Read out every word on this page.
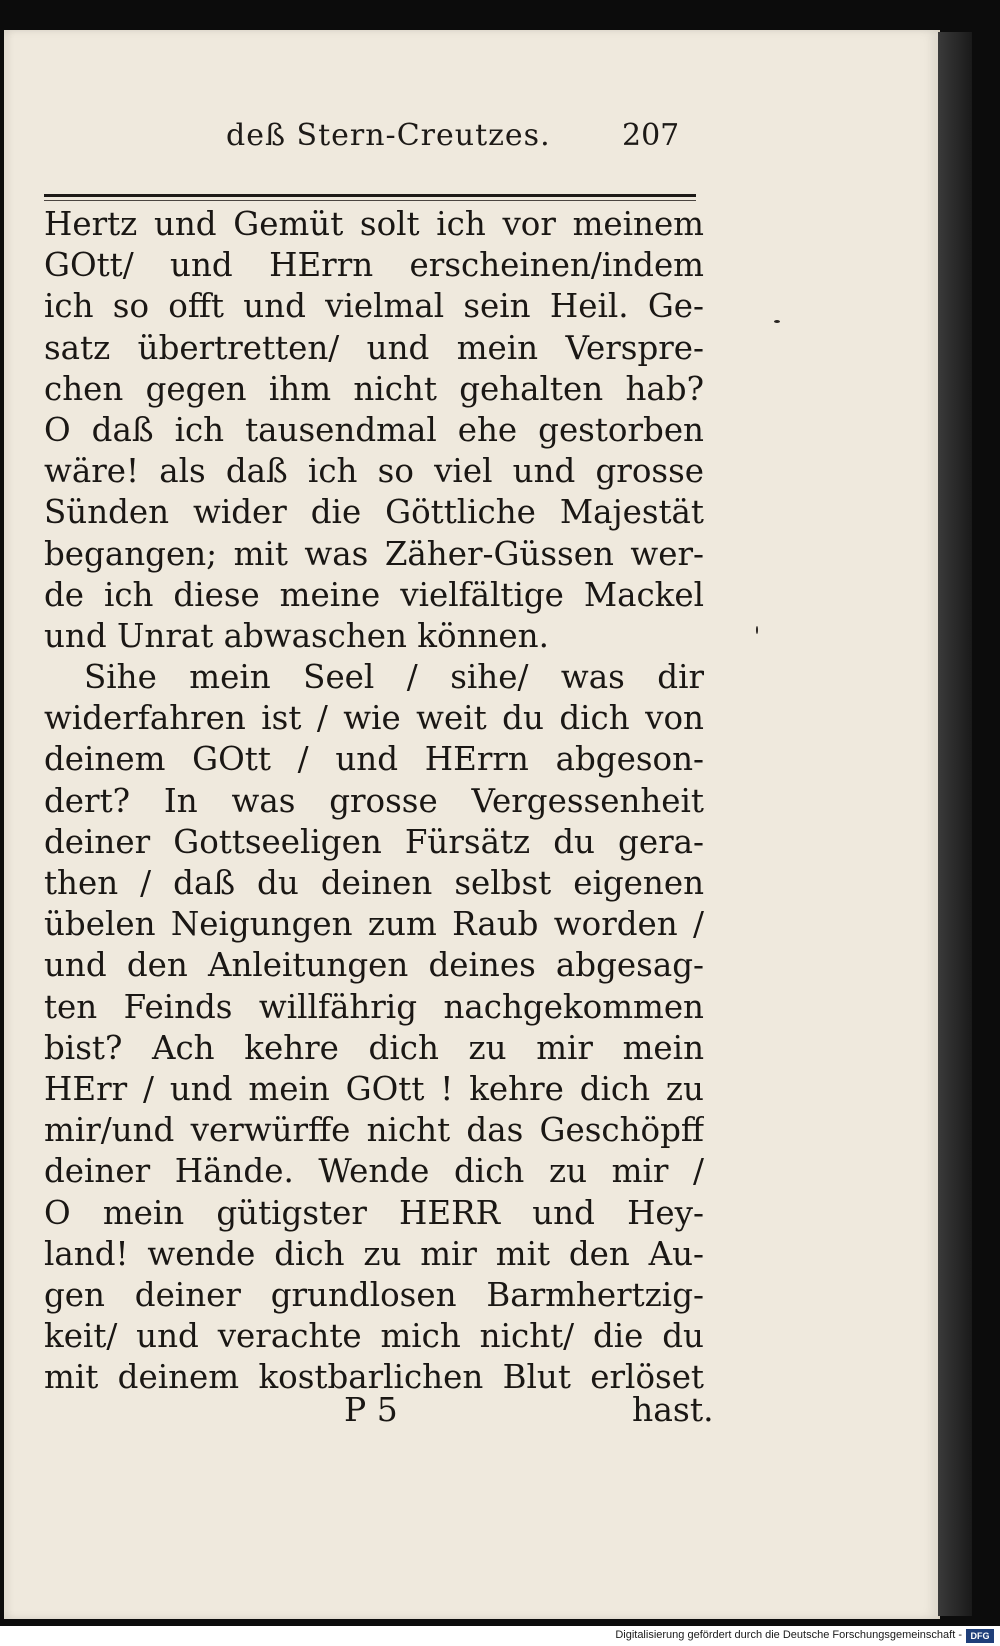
deß Stern-Creutzes. 207
Hertz und Gemüt solt ich vor meinem
GOtt/ und HErrn erscheinen/indem
ich so offt und vielmal sein Heil. Ge-
satz übertretten/ und mein Verspre-
chen gegen ihm nicht gehalten hab?
O daß ich tausendmal ehe gestorben
wäre! als daß ich so viel und grosse
Sünden wider die Göttliche Majestät
begangen; mit was Zäher-Güssen wer-
de ich diese meine vielfältige Mackel
und Unrat abwaschen können.
Sihe mein Seel / sihe/ was dir
widerfahren ist / wie weit du dich von
deinem GOtt / und HErrn abgeson-
dert? In was grosse Vergessenheit
deiner Gottseeligen Fürsätz du gera-
then / daß du deinen selbst eigenen
übelen Neigungen zum Raub worden /
und den Anleitungen deines abgesag-
ten Feinds willfährig nachgekommen
bist? Ach kehre dich zu mir mein
HErr / und mein GOtt ! kehre dich zu
mir/und verwürffe nicht das Geschöpff
deiner Hände. Wende dich zu mir /
O mein gütigster HERR und Hey-
land! wende dich zu mir mit den Au-
gen deiner grundlosen Barmhertzig-
keit/ und verachte mich nicht/ die du
mit deinem kostbarlichen Blut erlöset
P 5	hast.
Digitalisierung gefördert durch die Deutsche Forschungsgemeinschaft - DFG
